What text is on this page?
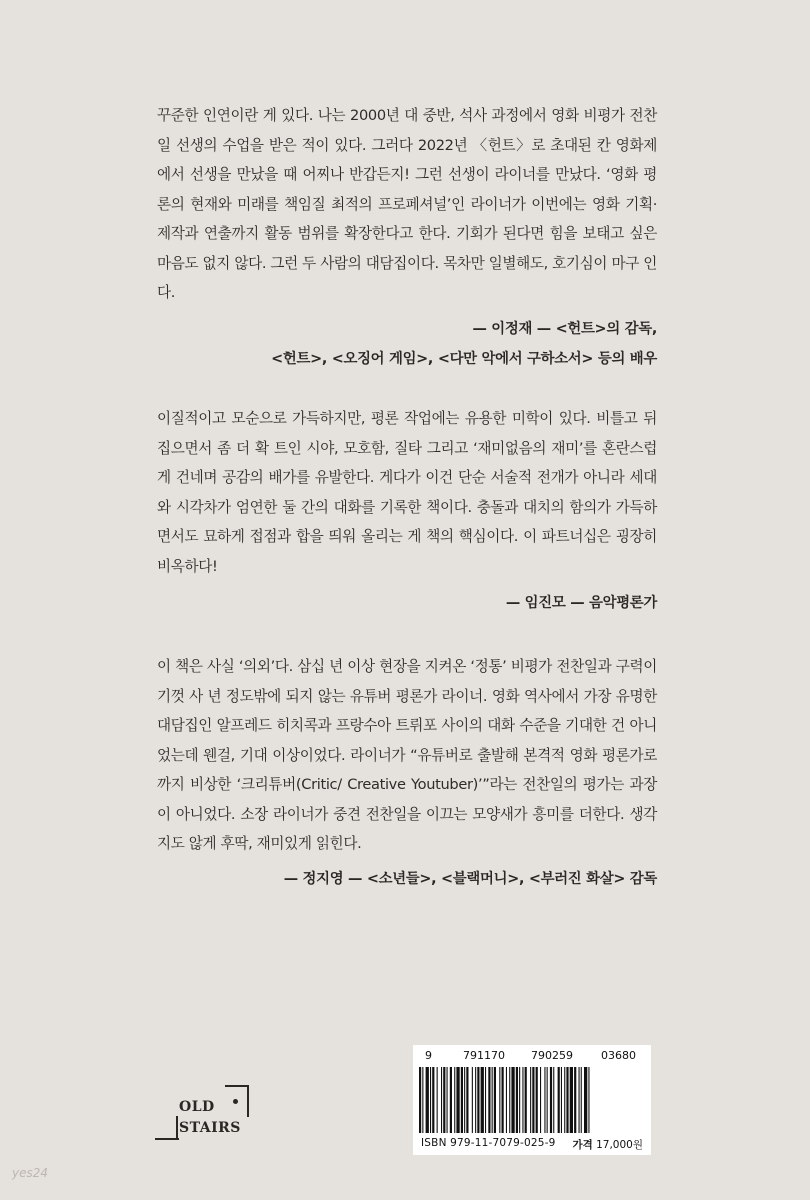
꾸준한 인연이란 게 있다. 나는 2000년 대 중반, 석사 과정에서 영화 비평가 전찬일 선생의 수업을 받은 적이 있다. 그러다 2022년 〈헌트〉로 초대된 칸 영화제에서 선생을 만났을 때 어찌나 반갑든지! 그런 선생이 라이너를 만났다. ‘영화 평론의 현재와 미래를 책임질 최적의 프로페셔널’인 라이너가 이번에는 영화 기획·제작과 연출까지 활동 범위를 확장한다고 한다. 기회가 된다면 힘을 보태고 싶은 마음도 없지 않다. 그런 두 사람의 대담집이다. 목차만 일별해도, 호기심이 마구 인다.

— 이정재 — <헌트>의 감독,
<헌트>, <오징어 게임>, <다만 악에서 구하소서> 등의 배우

이질적이고 모순으로 가득하지만, 평론 작업에는 유용한 미학이 있다. 비틀고 뒤집으면서 좀 더 확 트인 시야, 모호함, 질타 그리고 ‘재미없음의 재미’를 혼란스럽게 건네며 공감의 배가를 유발한다. 게다가 이건 단순 서술적 전개가 아니라 세대와 시각차가 엄연한 둘 간의 대화를 기록한 책이다. 충돌과 대치의 함의가 가득하면서도 묘하게 접점과 합을 띄워 올리는 게 책의 핵심이다. 이 파트너십은 굉장히 비옥하다!

— 임진모 — 음악평론가

이 책은 사실 ‘의외’다. 삼십 년 이상 현장을 지켜온 ‘정통’ 비평가 전찬일과 구력이 기껏 사 년 정도밖에 되지 않는 유튜버 평론가 라이너. 영화 역사에서 가장 유명한 대담집인 알프레드 히치콕과 프랑수아 트뤼포 사이의 대화 수준을 기대한 건 아니었는데 웬걸, 기대 이상이었다. 라이너가 “유튜버로 출발해 본격적 영화 평론가로까지 비상한 ‘크리튜버(Critic/ Creative Youtuber)’”라는 전찬일의 평가는 과장이 아니었다. 소장 라이너가 중견 전찬일을 이끄는 모양새가 흥미를 더한다. 생각지도 않게 후딱, 재미있게 읽힌다.

— 정지영 — <소년들>, <블랙머니>, <부러진 화살> 감독
OLD
STAIRS
9	791170 790259	03680
ISBN 979-11-7079-025-9 가격 17,000원
yes24
